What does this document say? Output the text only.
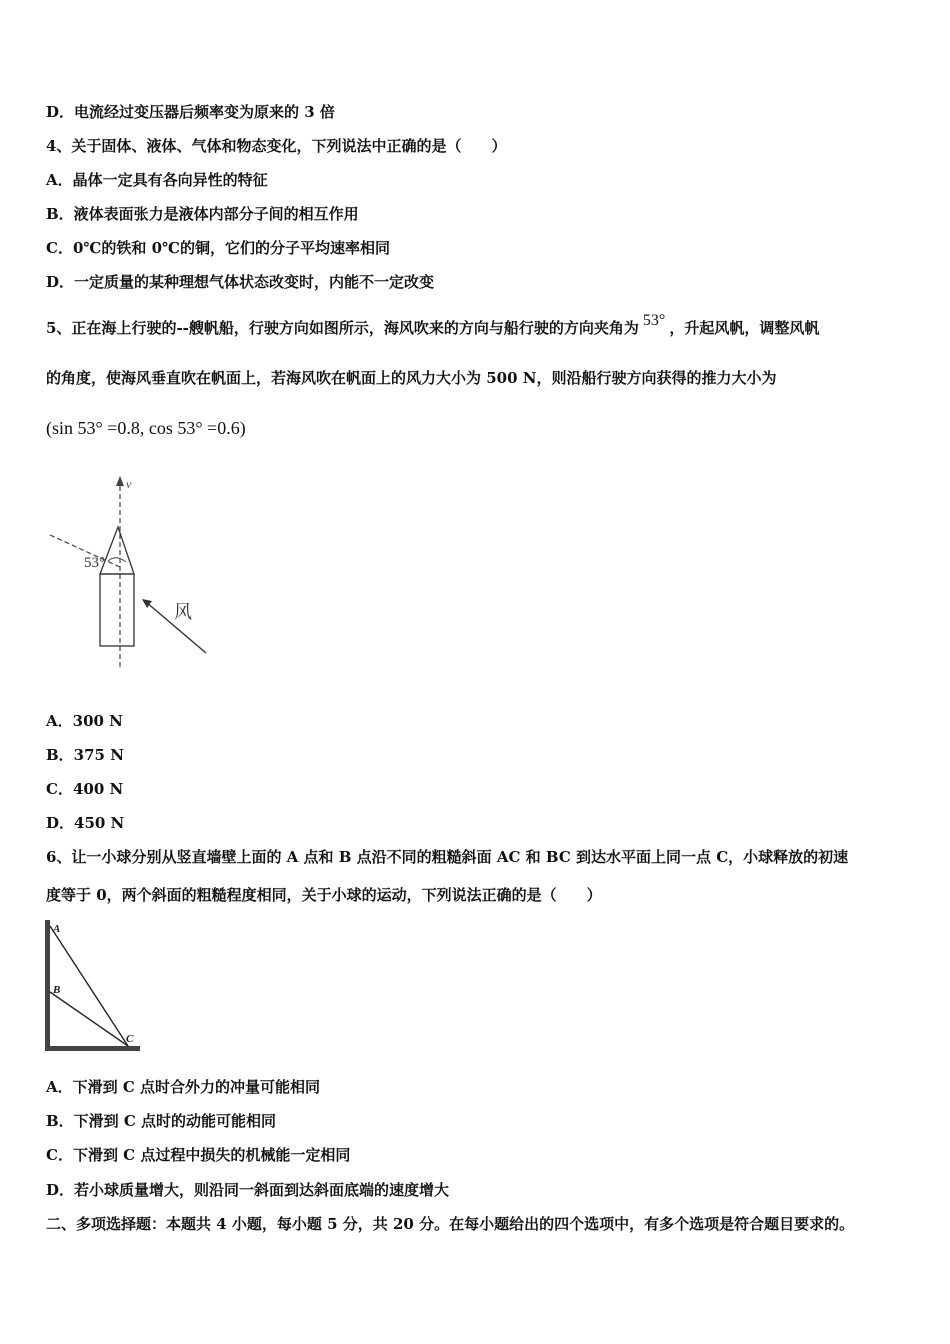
D．电流经过变压器后频率变为原来的 3 倍
4、关于固体、液体、气体和物态变化，下列说法中正确的是（　　）
A．晶体一定具有各向异性的特征
B．液体表面张力是液体内部分子间的相互作用
C．0℃的铁和 0℃的铜，它们的分子平均速率相同
D．一定质量的某种理想气体状态改变时，内能不一定改变
5、正在海上行驶的--艘帆船，行驶方向如图所示，海风吹来的方向与船行驶的方向夹角为 53° ，升起风帆，调整风帆
的角度，使海风垂直吹在帆面上，若海风吹在帆面上的风力大小为 500 N，则沿船行驶方向获得的推力大小为
(sin 53° =0.8, cos 53° =0.6)
v
53°
风
A．300 N
B．375 N
C．400 N
D．450 N
6、让一小球分别从竖直墙壁上面的 A 点和 B 点沿不同的粗糙斜面 AC 和 BC 到达水平面上同一点 C，小球释放的初速
度等于 0，两个斜面的粗糙程度相同，关于小球的运动，下列说法正确的是（　　）
A
B
C
A．下滑到 C 点时合外力的冲量可能相同
B．下滑到 C 点时的动能可能相同
C．下滑到 C 点过程中损失的机械能一定相同
D．若小球质量增大，则沿同一斜面到达斜面底端的速度增大
二、多项选择题：本题共 4 小题，每小题 5 分，共 20 分。在每小题给出的四个选项中，有多个选项是符合题目要求的。
